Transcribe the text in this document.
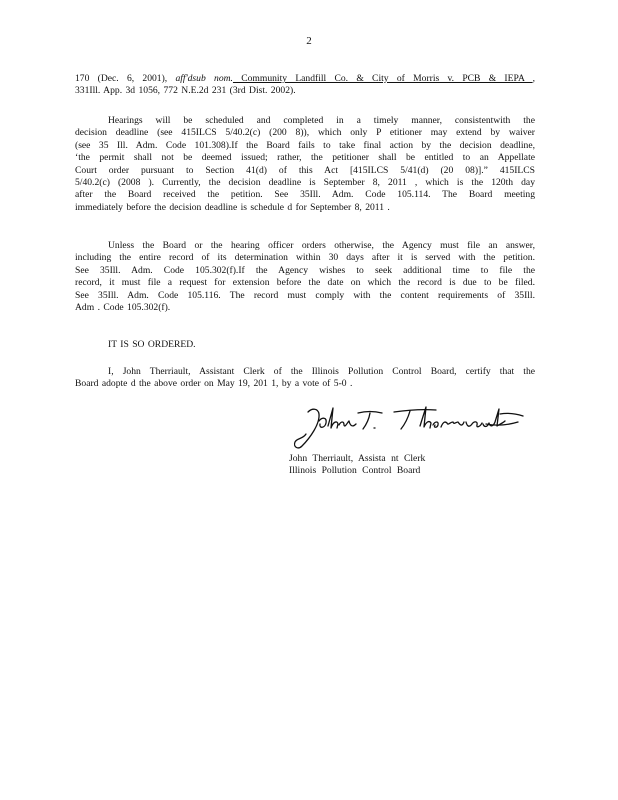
2
170 (Dec. 6, 2001), aff'dsub nom. Community Landfill Co. & City of Morris v. PCB & IEPA ,
331Ill. App. 3d 1056, 772 N.E.2d 231 (3rd Dist. 2002).
Hearings will be scheduled and completed in a timely manner, consistentwith the
decision deadline (see 415ILCS 5/40.2(c) (200 8)), which only P etitioner may extend by waiver
(see 35 Ill. Adm. Code 101.308).If the Board fails to take final action by the decision deadline,
‘the permit shall not be deemed issued; rather, the petitioner shall be entitled to an Appellate
Court order pursuant to Section 41(d) of this Act [415ILCS 5/41(d) (20 08)].” 415ILCS
5/40.2(c) (2008 ). Currently, the decision deadline is September 8, 2011 , which is the 120th day
after the Board received the petition. See 35Ill. Adm. Code 105.114. The Board meeting
immediately before the decision deadline is schedule d for September 8, 2011 .
Unless the Board or the hearing officer orders otherwise, the Agency must file an answer,
including the entire record of its determination within 30 days after it is served with the petition.
See 35Ill. Adm. Code 105.302(f).If the Agency wishes to seek additional time to file the
record, it must file a request for extension before the date on which the record is due to be filed.
See 35Ill. Adm. Code 105.116. The record must comply with the content requirements of 35Ill.
Adm . Code 105.302(f).
IT IS SO ORDERED.
I, John Therriault, Assistant Clerk of the Illinois Pollution Control Board, certify that the
Board adopte d the above order on May 19, 201 1, by a vote of 5-0 .
John Therriault, Assista nt Clerk
Illinois Pollution Control Board
